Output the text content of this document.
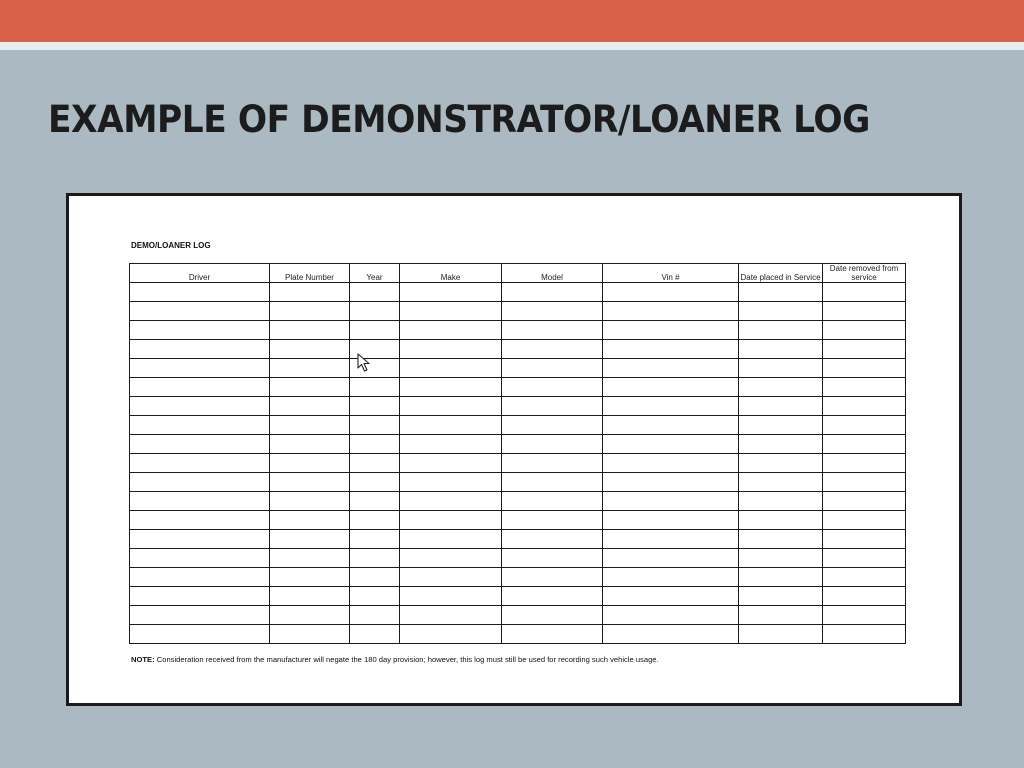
EXAMPLE OF DEMONSTRATOR/LOANER LOG
DEMO/LOANER LOG
Driver	Plate Number	Year	Make	Model	Vin #	Date placed in Service	Date removed from service

NOTE: Consideration received from the manufacturer will negate the 180 day provision; however, this log must still be used for recording such vehicle usage.
